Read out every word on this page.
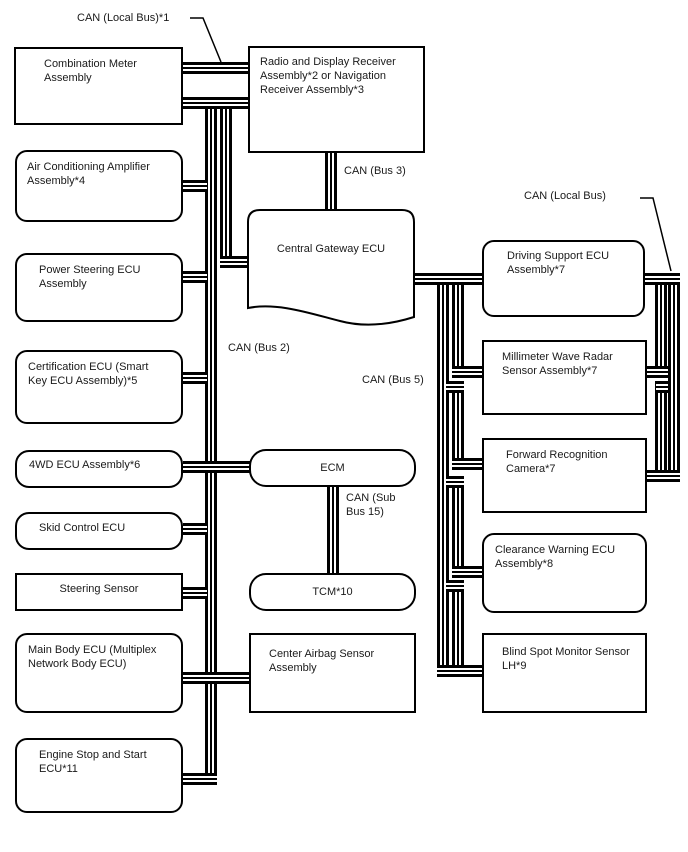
Central Gateway ECU
Combination Meter Assembly
Air Conditioning Amplifier Assembly*4
Power Steering ECU Assembly
Certification ECU (Smart Key ECU Assembly)*5
4WD ECU Assembly*6
Skid Control ECU
Steering Sensor
Main Body ECU (Multiplex Network Body ECU)
Engine Stop and Start ECU*11
Radio and Display Receiver Assembly*2 or Navigation Receiver Assembly*3
ECM
TCM*10
Center Airbag Sensor Assembly
Driving Support ECU Assembly*7
Millimeter Wave Radar Sensor Assembly*7
Forward Recognition Camera*7
Clearance Warning ECU Assembly*8
Blind Spot Monitor Sensor LH*9
CAN (Local Bus)*1
CAN (Bus 3)
CAN (Bus 2)
CAN (Bus 5)
CAN (Sub Bus 15)
CAN (Local Bus)
